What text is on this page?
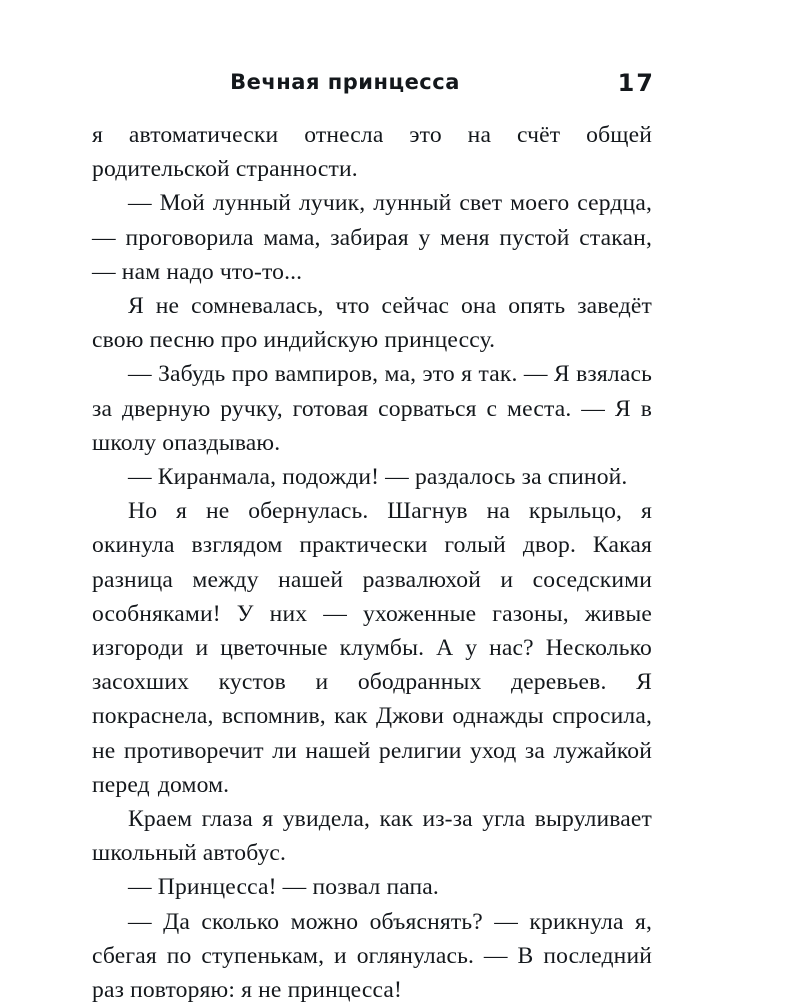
Вечная принцесса	17

я автоматически отнесла это на счёт общей родительской странности.

— Мой лунный лучик, лунный свет моего сердца, — проговорила мама, забирая у меня пустой стакан, — нам надо что-то...

Я не сомневалась, что сейчас она опять заведёт свою песню про индийскую принцессу.

— Забудь про вампиров, ма, это я так. — Я взялась за дверную ручку, готовая сорваться с места. — Я в школу опаздываю.

— Киранмала, подожди! — раздалось за спиной.

Но я не обернулась. Шагнув на крыльцо, я окинула взглядом практически голый двор. Какая разница между нашей развалюхой и соседскими особняками! У них — ухоженные газоны, живые изгороди и цветочные клумбы. А у нас? Несколько засохших кустов и ободранных деревьев. Я покраснела, вспомнив, как Джови однажды спросила, не противоречит ли нашей религии уход за лужайкой перед домом.

Краем глаза я увидела, как из-за угла выруливает школьный автобус.

— Принцесса! — позвал папа.

— Да сколько можно объяснять? — крикнула я, сбегая по ступенькам, и оглянулась. — В последний раз повторяю: я не принцесса!
